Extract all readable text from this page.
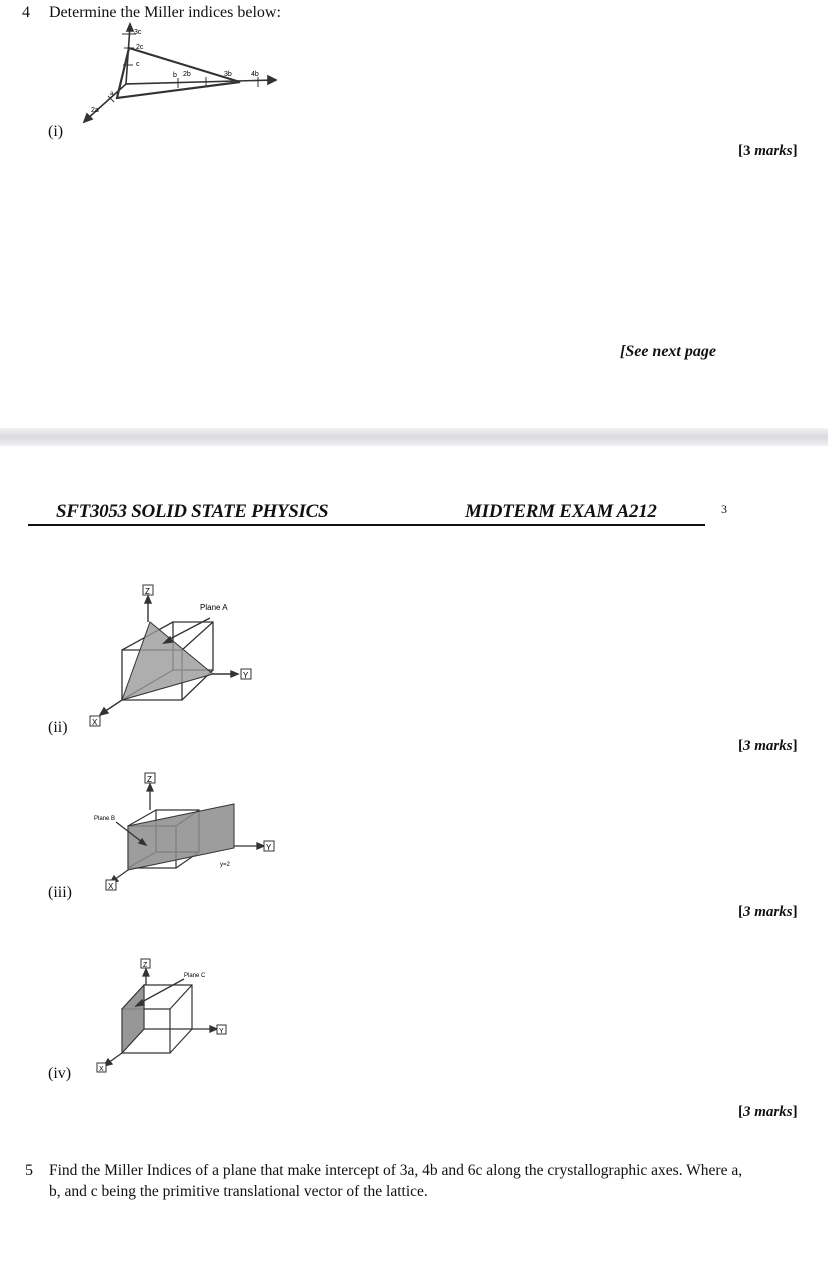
4 Determine the Miller indices below:
3c
2c
c
b 2b	3b	4b
a
2a
(i)
[3 marks]
[See next page
SFT3053 SOLID STATE PHYSICS	MIDTERM EXAM A212	3
Z
Y
X
Plane A
(ii)
[3 marks]
Z
Y
X
Plane B
y=2
(iii)
[3 marks]
Z
Y
X
Plane C
(iv)
[3 marks]
5 Find the Miller Indices of a plane that make intercept of 3a, 4b and 6c along the crystallographic axes. Where a,
b, and c being the primitive translational vector of the lattice.
